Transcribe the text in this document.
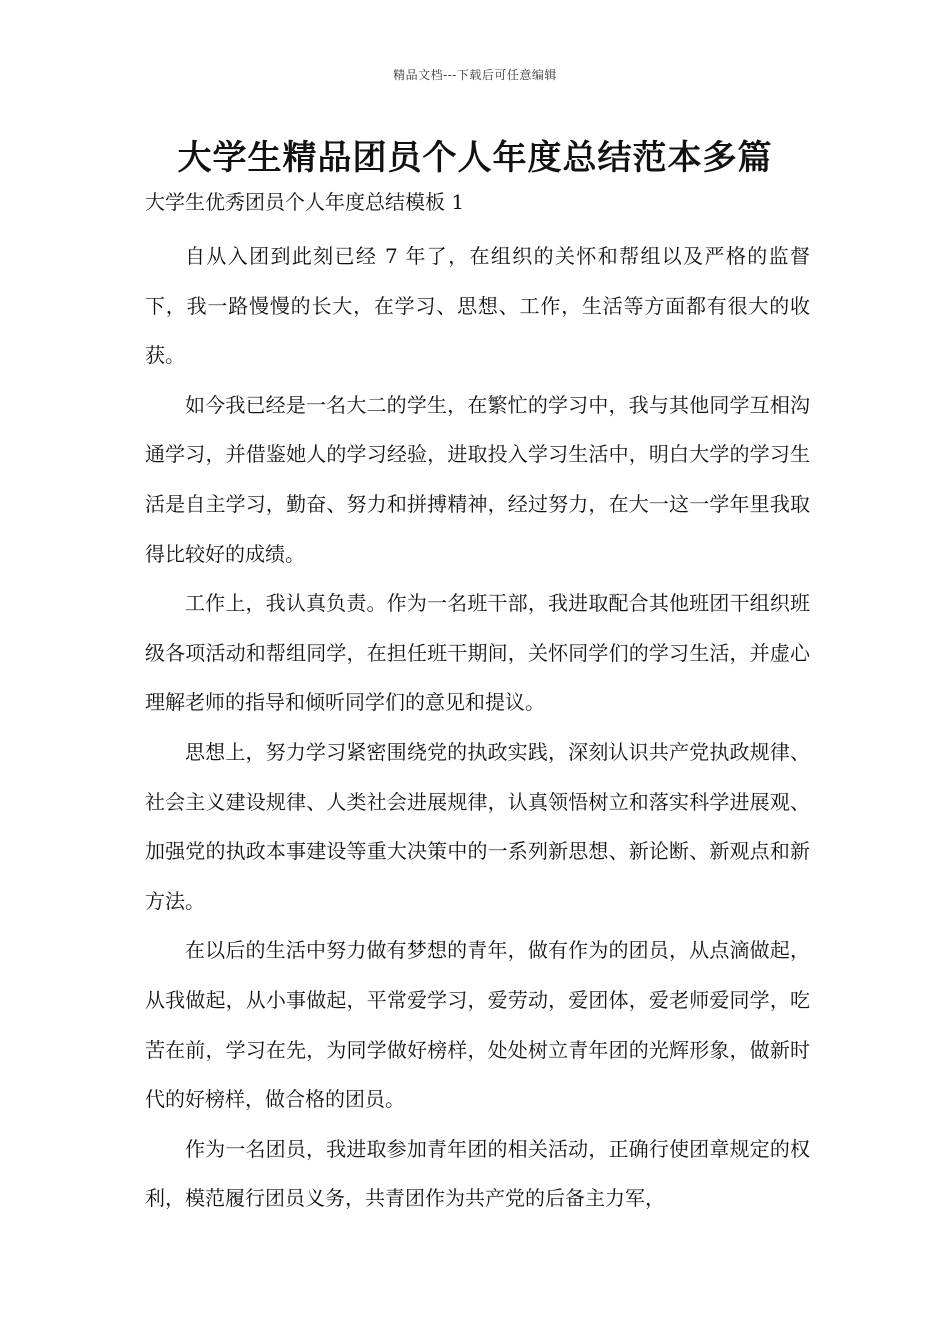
精品文档---下载后可任意编辑
大学生精品团员个人年度总结范本多篇
大学生优秀团员个人年度总结模板 1

自从入团到此刻已经 7 年了，在组织的关怀和帮组以及严格的监督下，我一路慢慢的长大，在学习、思想、工作，生活等方面都有很大的收获。

如今我已经是一名大二的学生，在繁忙的学习中，我与其他同学互相沟通学习，并借鉴她人的学习经验，进取投入学习生活中，明白大学的学习生活是自主学习，勤奋、努力和拼搏精神，经过努力，在大一这一学年里我取得比较好的成绩。

工作上，我认真负责。作为一名班干部，我进取配合其他班团干组织班级各项活动和帮组同学，在担任班干期间，关怀同学们的学习生活，并虚心理解老师的指导和倾听同学们的意见和提议。

思想上，努力学习紧密围绕党的执政实践，深刻认识共产党执政规律、社会主义建设规律、人类社会进展规律，认真领悟树立和落实科学进展观、加强党的执政本事建设等重大决策中的一系列新思想、新论断、新观点和新方法。

在以后的生活中努力做有梦想的青年，做有作为的团员，从点滴做起，从我做起，从小事做起，平常爱学习，爱劳动，爱团体，爱老师爱同学，吃苦在前，学习在先，为同学做好榜样，处处树立青年团的光辉形象，做新时代的好榜样，做合格的团员。

作为一名团员，我进取参加青年团的相关活动，正确行使团章规定的权利，模范履行团员义务，共青团作为共产党的后备主力军，
